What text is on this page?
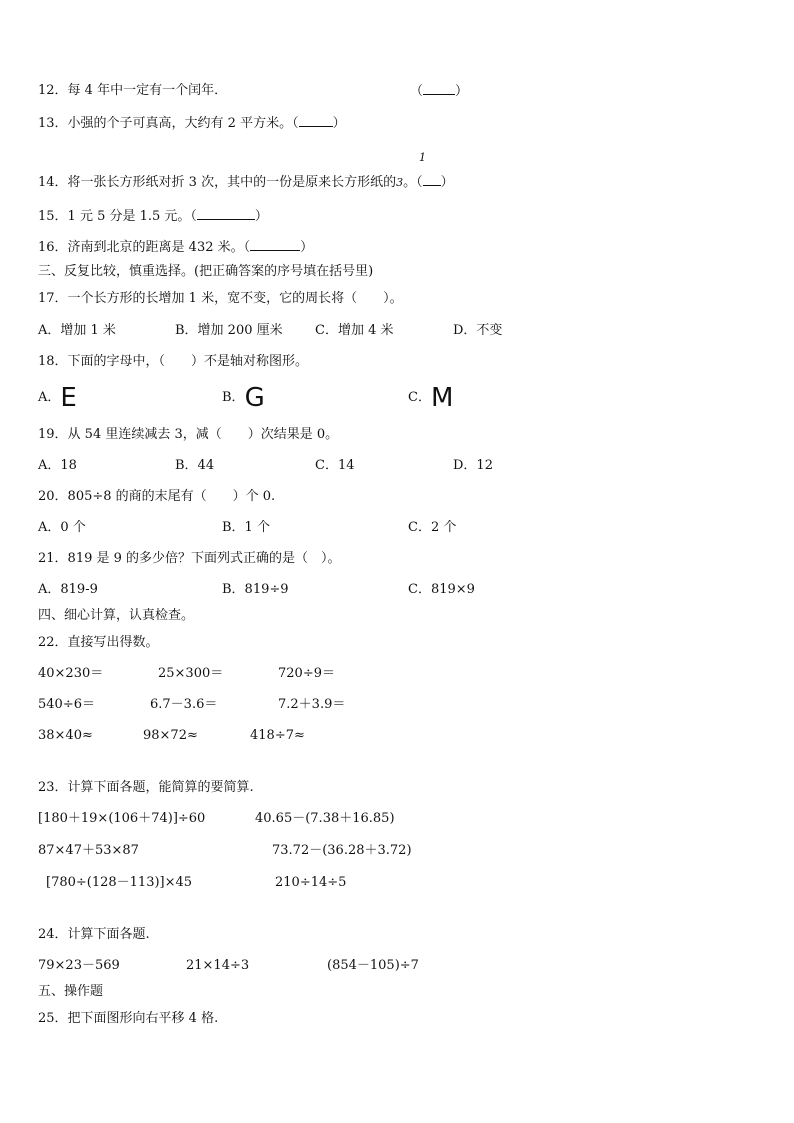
12．每 4 年中一定有一个闰年．	（ ）
13．小强的个子可真高，大约有 2 平方米。（	）
1
14．将一张长方形纸对折 3 次，其中的一份是原来长方形纸的3。（ ）
15．1 元 5 分是 1.5 元。（	）
16．济南到北京的距离是 432 米。（	）
三、反复比较，慎重选择。(把正确答案的序号填在括号里)
17．一个长方形的长增加 1 米，宽不变，它的周长将（　　）。
A．增加 1 米	B．增加 200 厘米 C．增加 4 米	D．不变
18．下面的字母中，（　　）不是轴对称图形。
A．E	B．G	C．M
19．从 54 里连续减去 3，减（　　）次结果是 0。
A．18	B．44	C．14	D．12
20．805÷8 的商的末尾有（　　）个 0.
A．0 个	B．1 个	C．2 个
21．819 是 9 的多少倍？下面列式正确的是（　）。
A．819-9	B．819÷9	C．819×9
四、细心计算，认真检查。
22．直接写出得数。
40×230＝	25×300＝	720÷9＝
540÷6＝	6.7－3.6＝	7.2＋3.9＝
38×40≈	98×72≈	418÷7≈
23．计算下面各题，能简算的要简算.
[180＋19×(106＋74)]÷60	40.65－(7.38＋16.85)
87×47＋53×87	73.72－(36.28＋3.72)
[780÷(128－113)]×45	210÷14÷5
24．计算下面各题.
79×23－569	21×14÷3	(854－105)÷7
五、操作题
25．把下面图形向右平移 4 格.
